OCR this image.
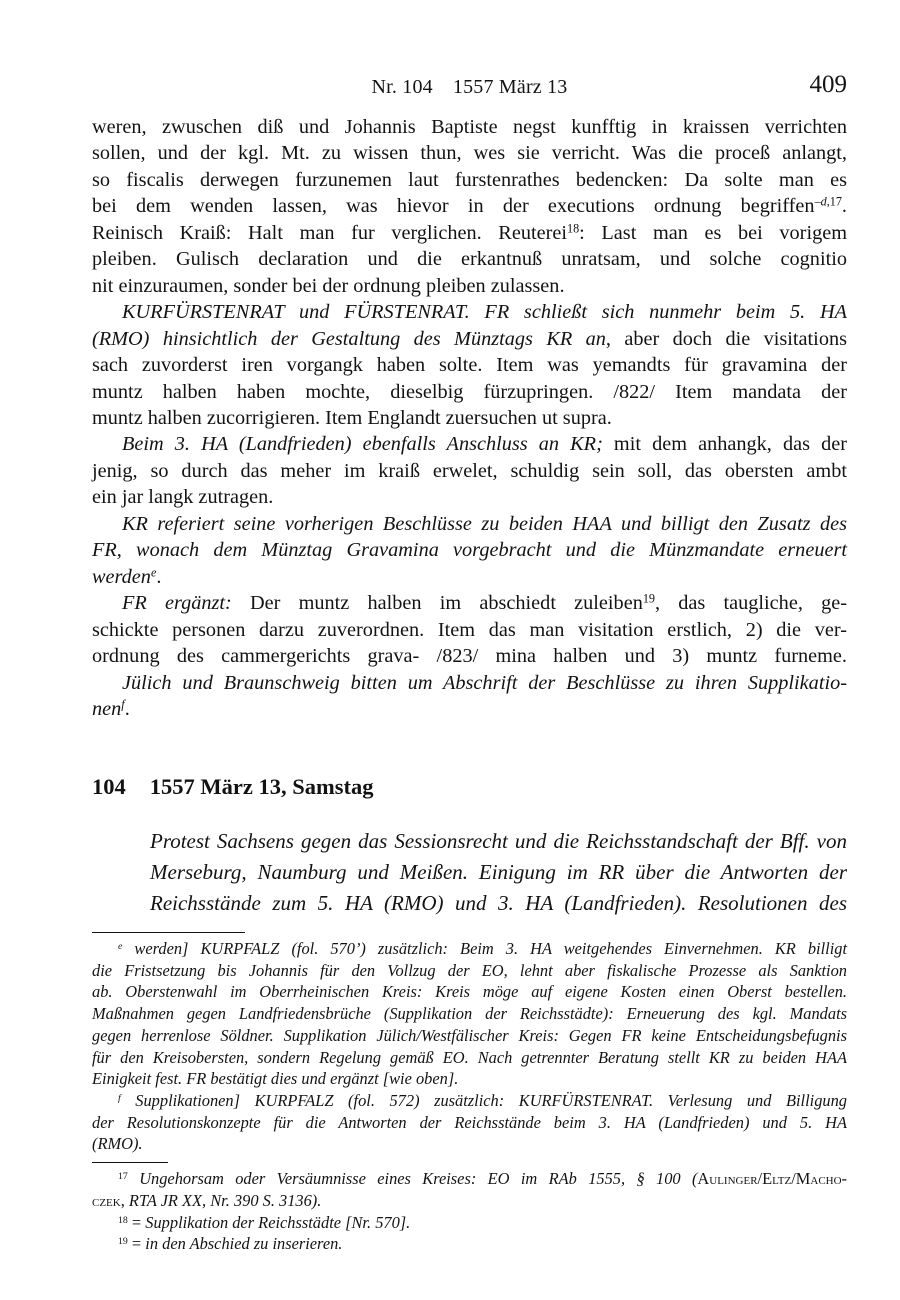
Nr. 104 1557 März 13	409
weren, zwuschen diß und Johannis Baptiste negst kunfftig in kraissen verrichten
sollen, und der kgl. Mt. zu wissen thun, wes sie verricht. Was die proceß anlangt,
so fiscalis derwegen furzunemen laut furstenrathes bedencken: Da solte man es
bei dem wenden lassen, was hievor in der executions ordnung begriffen$^{-d,17}$.
Reinisch Kraiß: Halt man fur verglichen. Reuterei$^{18}$: Last man es bei vorigem
pleiben. Gulisch declaration und die erkantnuß unratsam, und solche cognitio
nit einzuraumen, sonder bei der ordnung pleiben zulassen.
KURFÜRSTENRAT und FÜRSTENRAT. FR schließt sich nunmehr beim 5. HA
(RMO) hinsichtlich der Gestaltung des Münztags KR an, aber doch die visitations
sach zuvorderst iren vorgangk haben solte. Item was yemandts für gravamina der
muntz halben haben mochte, dieselbig fürzupringen. /822/ Item mandata der
muntz halben zucorrigieren. Item Englandt zuersuchen ut supra.
Beim 3. HA (Landfrieden) ebenfalls Anschluss an KR; mit dem anhangk, das der
jenig, so durch das meher im kraiß erwelet, schuldig sein soll, das obersten ambt
ein jar langk zutragen.
KR referiert seine vorherigen Beschlüsse zu beiden HAA und billigt den Zusatz des
FR, wonach dem Münztag Gravamina vorgebracht und die Münzmandate erneuert
werden$^e$.
FR ergänzt: Der muntz halben im abschiedt zuleiben$^{19}$, das taugliche, ge-
schickte personen darzu zuverordnen. Item das man visitation erstlich, 2) die ver-
ordnung des cammergerichts grava- /823/ mina halben und 3) muntz furneme.
Jülich und Braunschweig bitten um Abschrift der Beschlüsse zu ihren Supplikatio-
nen$^f$.
104 1557 März 13, Samstag
Protest Sachsens gegen das Sessionsrecht und die Reichsstandschaft der Bff. von
Merseburg, Naumburg und Meißen. Einigung im RR über die Antworten der
Reichsstände zum 5. HA (RMO) und 3. HA (Landfrieden). Resolutionen des
$^e$ werden] KURPFALZ (fol. 570’) zusätzlich: Beim 3. HA weitgehendes Einvernehmen. KR billigt
die Fristsetzung bis Johannis für den Vollzug der EO, lehnt aber fiskalische Prozesse als Sanktion
ab. Oberstenwahl im Oberrheinischen Kreis: Kreis möge auf eigene Kosten einen Oberst bestellen.
Maßnahmen gegen Landfriedensbrüche (Supplikation der Reichsstädte): Erneuerung des kgl. Mandats
gegen herrenlose Söldner. Supplikation Jülich/Westfälischer Kreis: Gegen FR keine Entscheidungsbefugnis
für den Kreisobersten, sondern Regelung gemäß EO. Nach getrennter Beratung stellt KR zu beiden HAA
Einigkeit fest. FR bestätigt dies und ergänzt [wie oben].
$^f$ Supplikationen] KURPFALZ (fol. 572) zusätzlich: KURFÜRSTENRAT. Verlesung und Billigung
der Resolutionskonzepte für die Antworten der Reichsstände beim 3. HA (Landfrieden) und 5. HA
(RMO).
$^{17}$ Ungehorsam oder Versäumnisse eines Kreises: EO im RAb 1555, § 100 (Aulinger/Eltz/Macho-
czek, RTA JR XX, Nr. 390 S. 3136).
$^{18}$ = Supplikation der Reichsstädte [Nr. 570].
$^{19}$ = in den Abschied zu inserieren.
